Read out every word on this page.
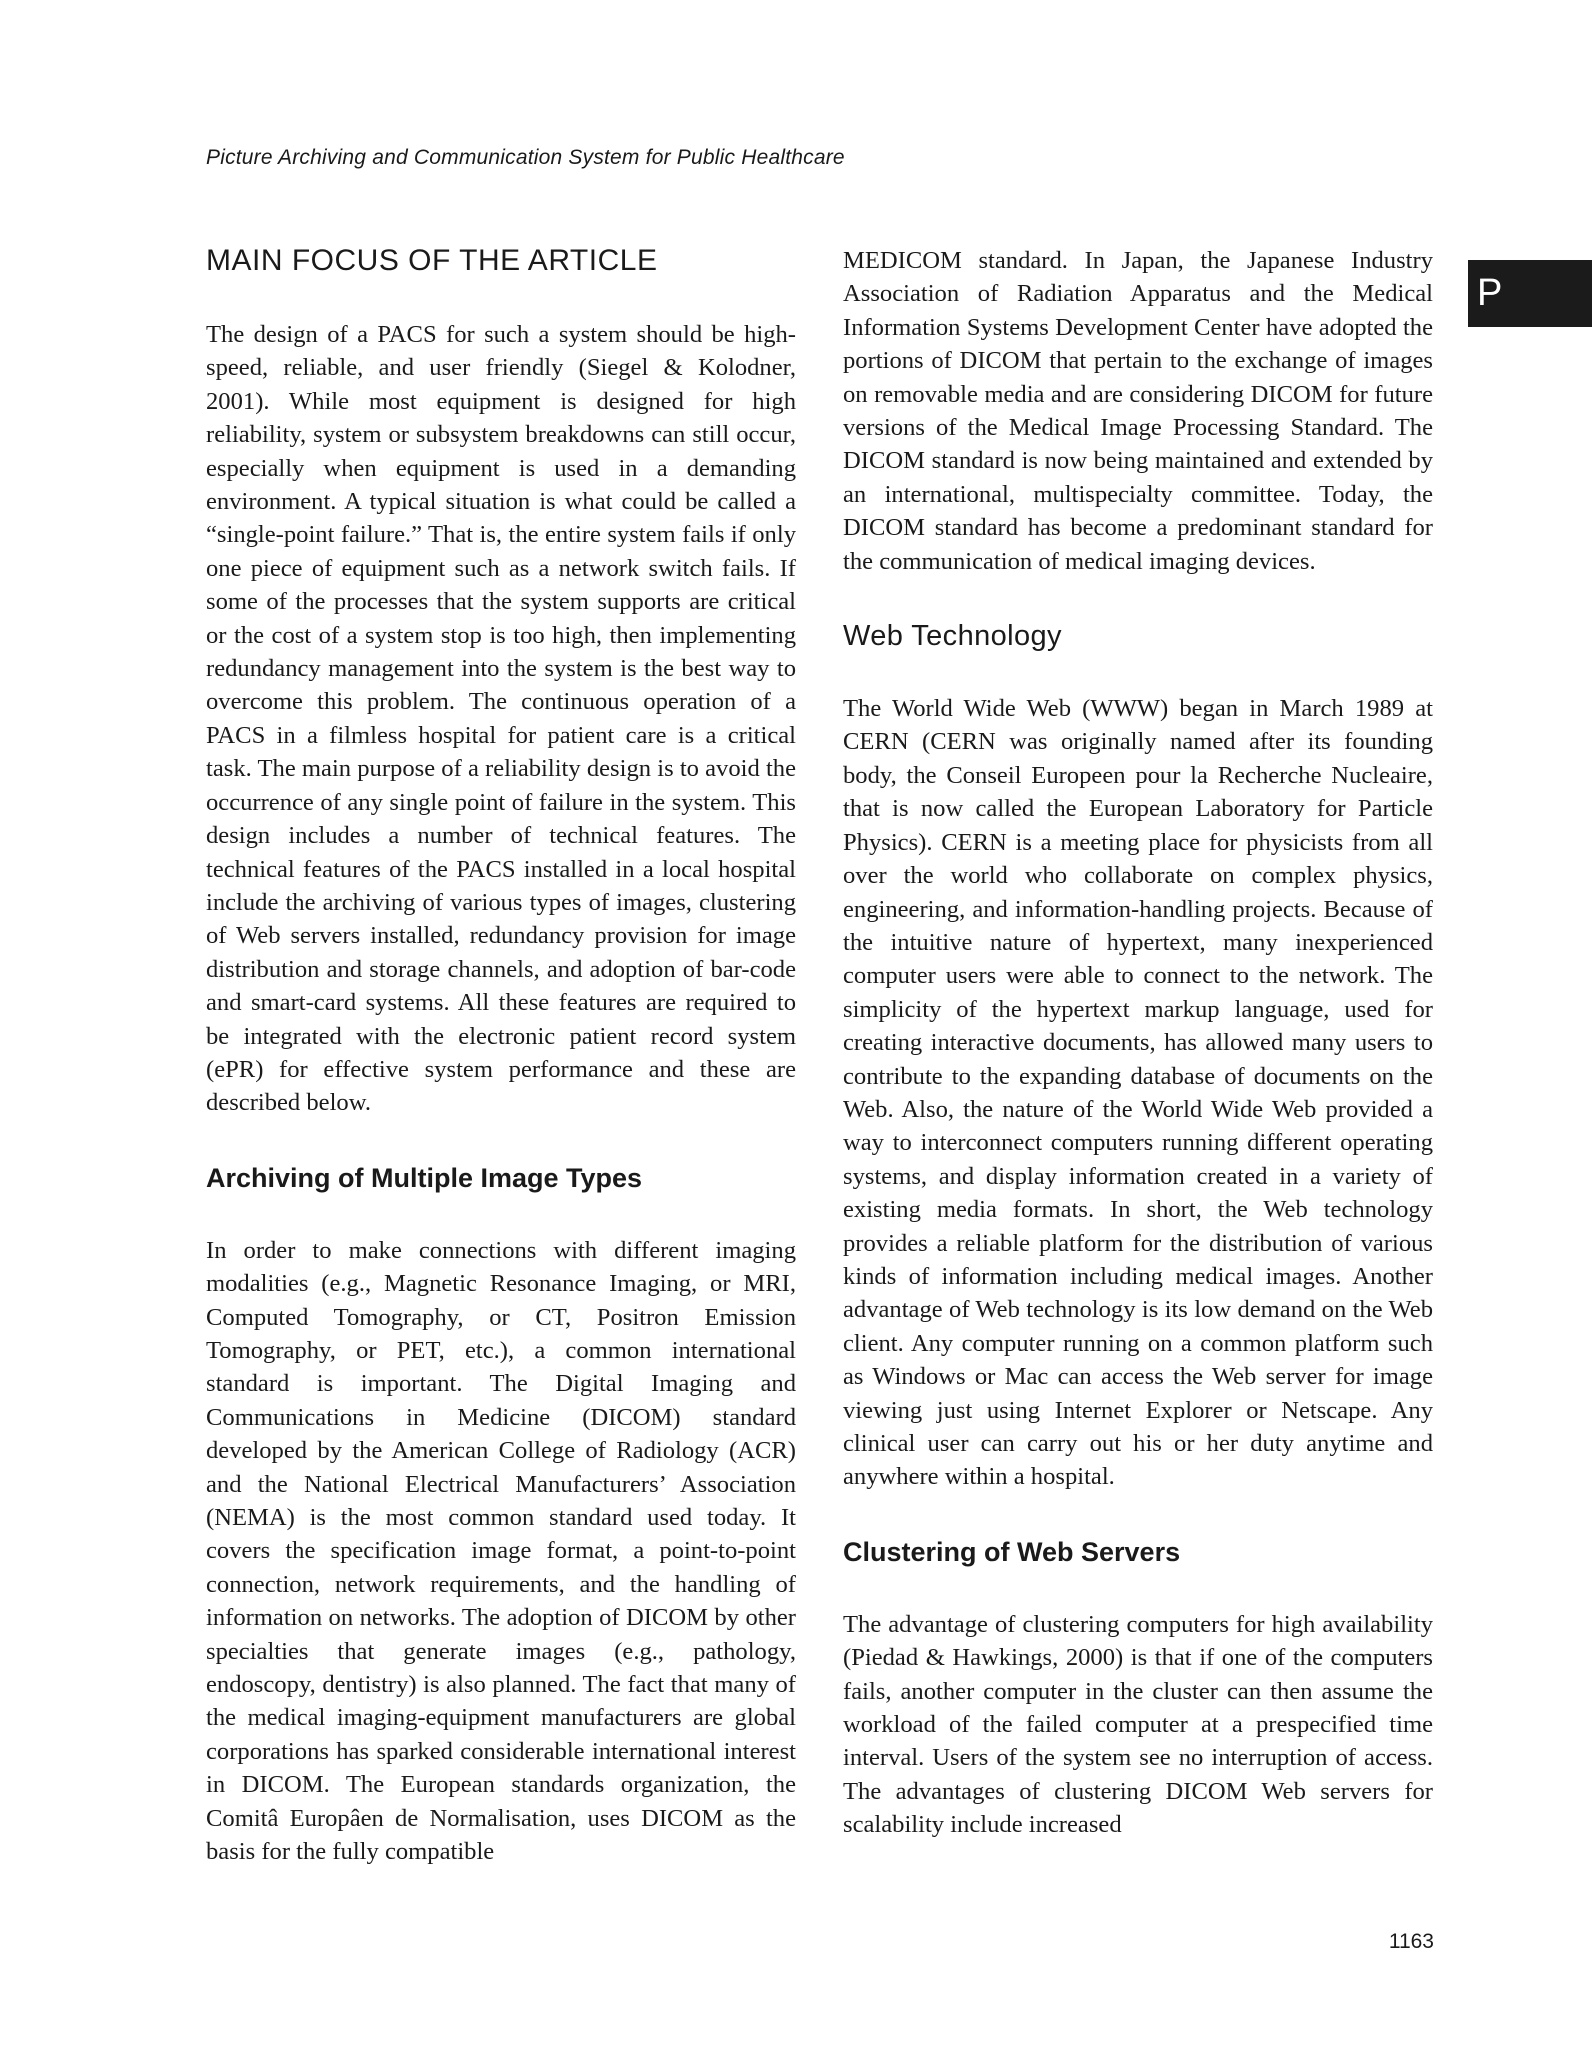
Picture Archiving and Communication System for Public Healthcare
P
MAIN FOCUS OF THE ARTICLE

The design of a PACS for such a system should be high-speed, reliable, and user friendly (Siegel & Kolodner, 2001). While most equipment is designed for high reliability, system or subsystem breakdowns can still occur, especially when equipment is used in a demanding environment. A typical situation is what could be called a “single-point failure.” That is, the entire system fails if only one piece of equipment such as a network switch fails. If some of the processes that the system supports are critical or the cost of a system stop is too high, then implementing redundancy management into the system is the best way to overcome this problem. The continuous operation of a PACS in a filmless hospital for patient care is a critical task. The main purpose of a reliability design is to avoid the occurrence of any single point of failure in the system. This design includes a number of technical features. The technical features of the PACS installed in a local hospital include the archiving of various types of images, clustering of Web servers installed, redundancy provision for image distribution and storage channels, and adoption of bar-code and smart-card systems. All these features are required to be integrated with the electronic patient record system (ePR) for effective system performance and these are described below.

Archiving of Multiple Image Types

In order to make connections with different imaging modalities (e.g., Magnetic Resonance Imaging, or MRI, Computed Tomography, or CT, Positron Emission Tomography, or PET, etc.), a common international standard is important. The Digital Imaging and Communications in Medicine (DICOM) standard developed by the American College of Radiology (ACR) and the National Electrical Manufacturers’ Association (NEMA) is the most common standard used today. It covers the specification image format, a point-to-point connection, network requirements, and the handling of information on networks. The adoption of DICOM by other specialties that generate images (e.g., pathology, endoscopy, dentistry) is also planned. The fact that many of the medical imaging-equipment manufacturers are global corporations has sparked considerable international interest in DICOM. The European standards organization, the Comitâ Europâen de Normalisation, uses DICOM as the basis for the fully compatible

MEDICOM standard. In Japan, the Japanese Industry Association of Radiation Apparatus and the Medical Information Systems Development Center have adopted the portions of DICOM that pertain to the exchange of images on removable media and are considering DICOM for future versions of the Medical Image Processing Standard. The DICOM standard is now being maintained and extended by an international, multispecialty committee. Today, the DICOM standard has become a predominant standard for the communication of medical imaging devices.

Web Technology

The World Wide Web (WWW) began in March 1989 at CERN (CERN was originally named after its founding body, the Conseil Europeen pour la Recherche Nucleaire, that is now called the European Laboratory for Particle Physics). CERN is a meeting place for physicists from all over the world who collaborate on complex physics, engineering, and information-handling projects. Because of the intuitive nature of hypertext, many inexperienced computer users were able to connect to the network. The simplicity of the hypertext markup language, used for creating interactive documents, has allowed many users to contribute to the expanding database of documents on the Web. Also, the nature of the World Wide Web provided a way to interconnect computers running different operating systems, and display information created in a variety of existing media formats. In short, the Web technology provides a reliable platform for the distribution of various kinds of information including medical images. Another advantage of Web technology is its low demand on the Web client. Any computer running on a common platform such as Windows or Mac can access the Web server for image viewing just using Internet Explorer or Netscape. Any clinical user can carry out his or her duty anytime and anywhere within a hospital.

Clustering of Web Servers

The advantage of clustering computers for high availability (Piedad & Hawkings, 2000) is that if one of the computers fails, another computer in the cluster can then assume the workload of the failed computer at a prespecified time interval. Users of the system see no interruption of access. The advantages of clustering DICOM Web servers for scalability include increased

1163
